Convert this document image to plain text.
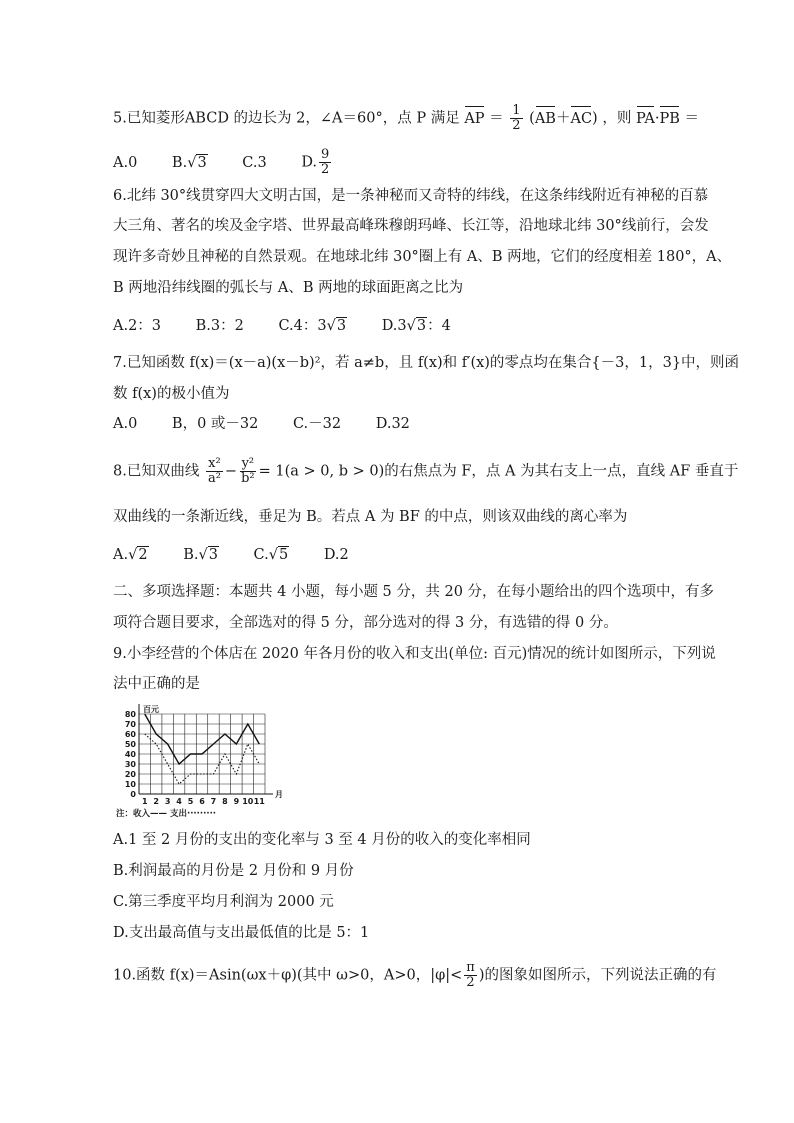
5.已知菱形ABCD 的边长为 2，∠A＝60°，点 P 满足 AP ＝ $\frac{1}{2} (AB+AC)$ ，则 PA·PB ＝
A.0 B.√3 C.3 D. $\frac{9}{2}$
6.北纬 30°线贯穿四大文明古国，是一条神秘而又奇特的纬线，在这条纬线附近有神秘的百慕
大三角、著名的埃及金字塔、世界最高峰珠穆朗玛峰、长江等，沿地球北纬 30°线前行，会发
现许多奇妙且神秘的自然景观。在地球北纬 30°圈上有 A、B 两地，它们的经度相差 180°，A、
B 两地沿纬线圈的弧长与 A、B 两地的球面距离之比为
A.2：3 B.3：2 C.4：3√3 D.3√3：4
7.已知函数 f(x)＝(x－a)(x－b)²，若 a≠b，且 f(x)和 f′(x)的零点均在集合{－3，1，3}中，则函
数 f(x)的极小值为
A.0 B，0 或－32 C.－32 D.32
8.已知双曲线 $\frac{\text{x²}}{\text{a²}} - \frac{\text{y²}}{\text{b²}} = 1(a > 0$, b > 0)的右焦点为 F，点 A 为其右支上一点，直线 AF 垂直于
双曲线的一条渐近线，垂足为 B。若点 A 为 BF 的中点，则该双曲线的离心率为
A.√2 B.√3 C.√5 D.2
二、多项选择题：本题共 4 小题，每小题 5 分，共 20 分，在每小题给出的四个选项中，有多
项符合题目要求，全部选对的得 5 分，部分选对的得 3 分，有选错的得 0 分。
9.小李经营的个体店在 2020 年各月份的收入和支出(单位: 百元)情况的统计如图所示，下列说
法中正确的是
0
10
20
30
40
50
60
70
80
1 2 3 4 5 6 7 8 9 10 11
百元
月
注：收入—— 支出·········
A.1 至 2 月份的支出的变化率与 3 至 4 月份的收入的变化率相同
B.利润最高的月份是 2 月份和 9 月份
C.第三季度平均月利润为 2000 元
D.支出最高值与支出最低值的比是 5：1
10.函数 f(x)＝Asin(ωx＋φ)(其中 ω>0，A>0，$|\varphi|< \frac{\pi}{2}$ )的图象如图所示，下列说法正确的有
